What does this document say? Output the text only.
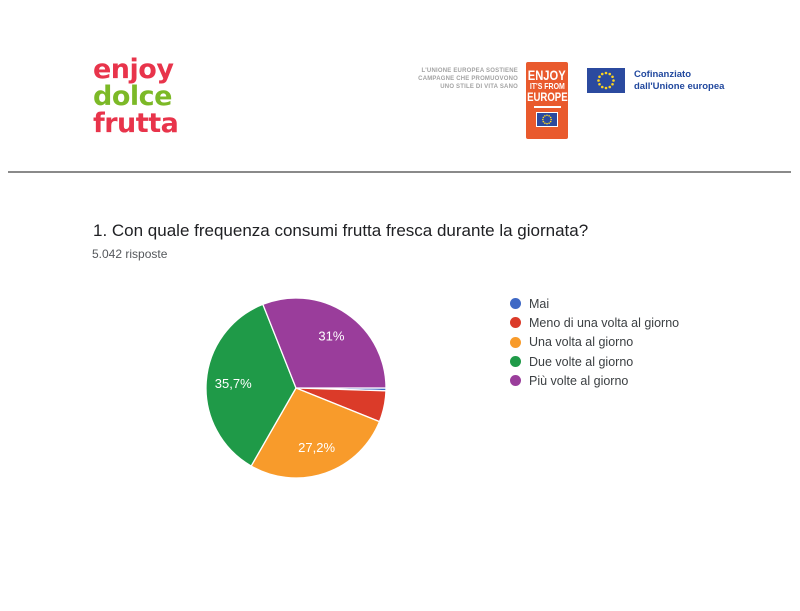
enjoy
dolce
frutta
L'UNIONE EUROPEA SOSTIENE
CAMPAGNE CHE PROMUOVONO
UNO STILE DI VITA SANO
ENJOY
IT'S FROM
EUROPE
Cofinanziato
dall'Unione europea
1. Con quale frequenza consumi frutta fresca durante la giornata?
5.042 risposte
27,2%
35,7%
31%
Mai
Meno di una volta al giorno
Una volta al giorno
Due volte al giorno
Più volte al giorno
